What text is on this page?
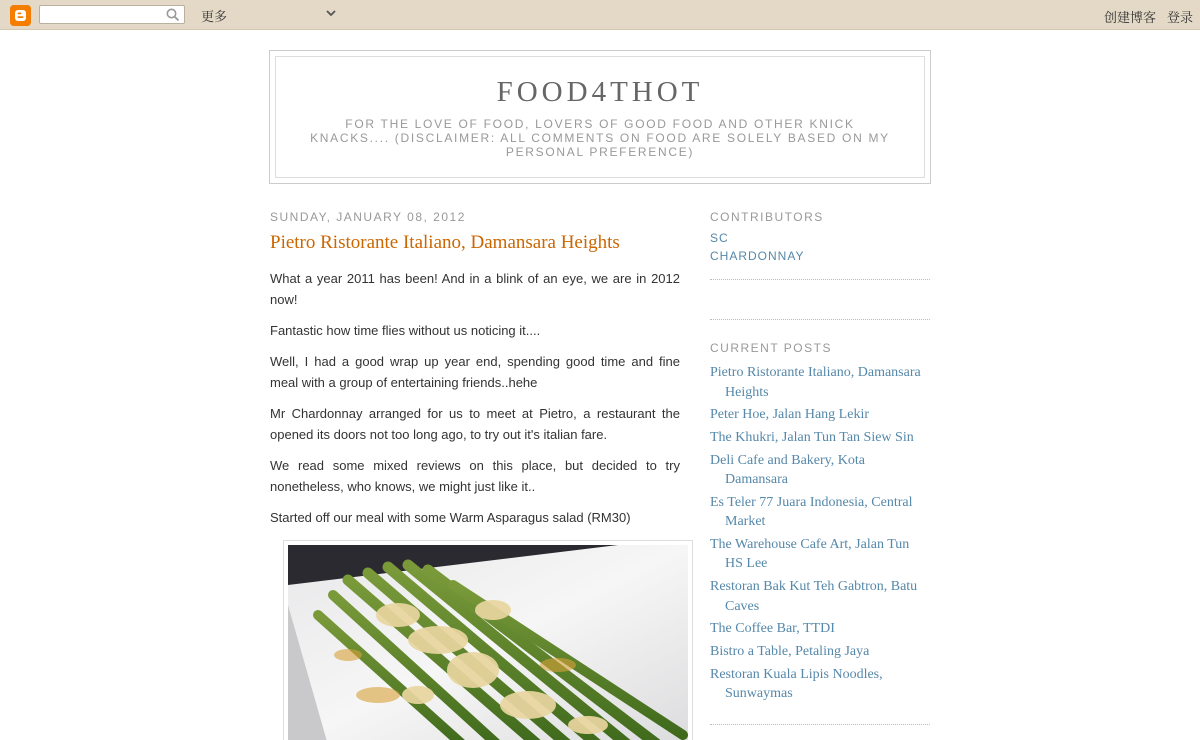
更多	创建博客 登录
FOOD4THOT
FOR THE LOVE OF FOOD, LOVERS OF GOOD FOOD AND OTHER KNICK KNACKS.... (DISCLAIMER: ALL COMMENTS ON FOOD ARE SOLELY BASED ON MY PERSONAL PREFERENCE)
SUNDAY, JANUARY 08, 2012
Pietro Ristorante Italiano, Damansara Heights

What a year 2011 has been! And in a blink of an eye, we are in 2012 now!

Fantastic how time flies without us noticing it....

Well, I had a good wrap up year end, spending good time and fine meal with a group of entertaining friends..hehe

Mr Chardonnay arranged for us to meet at Pietro, a restaurant the opened its doors not too long ago, to try out it's italian fare.

We read some mixed reviews on this place, but decided to try nonetheless, who knows, we might just like it..

Started off our meal with some Warm Asparagus salad (RM30)

CONTRIBUTORS
SC
CHARDONNAY
CURRENT POSTS
Pietro Ristorante Italiano, Damansara Heights
Peter Hoe, Jalan Hang Lekir
The Khukri, Jalan Tun Tan Siew Sin
Deli Cafe and Bakery, Kota Damansara
Es Teler 77 Juara Indonesia, Central Market
The Warehouse Cafe Art, Jalan Tun HS Lee
Restoran Bak Kut Teh Gabtron, Batu Caves
The Coffee Bar, TTDI
Bistro a Table, Petaling Jaya
Restoran Kuala Lipis Noodles, Sunwaymas
